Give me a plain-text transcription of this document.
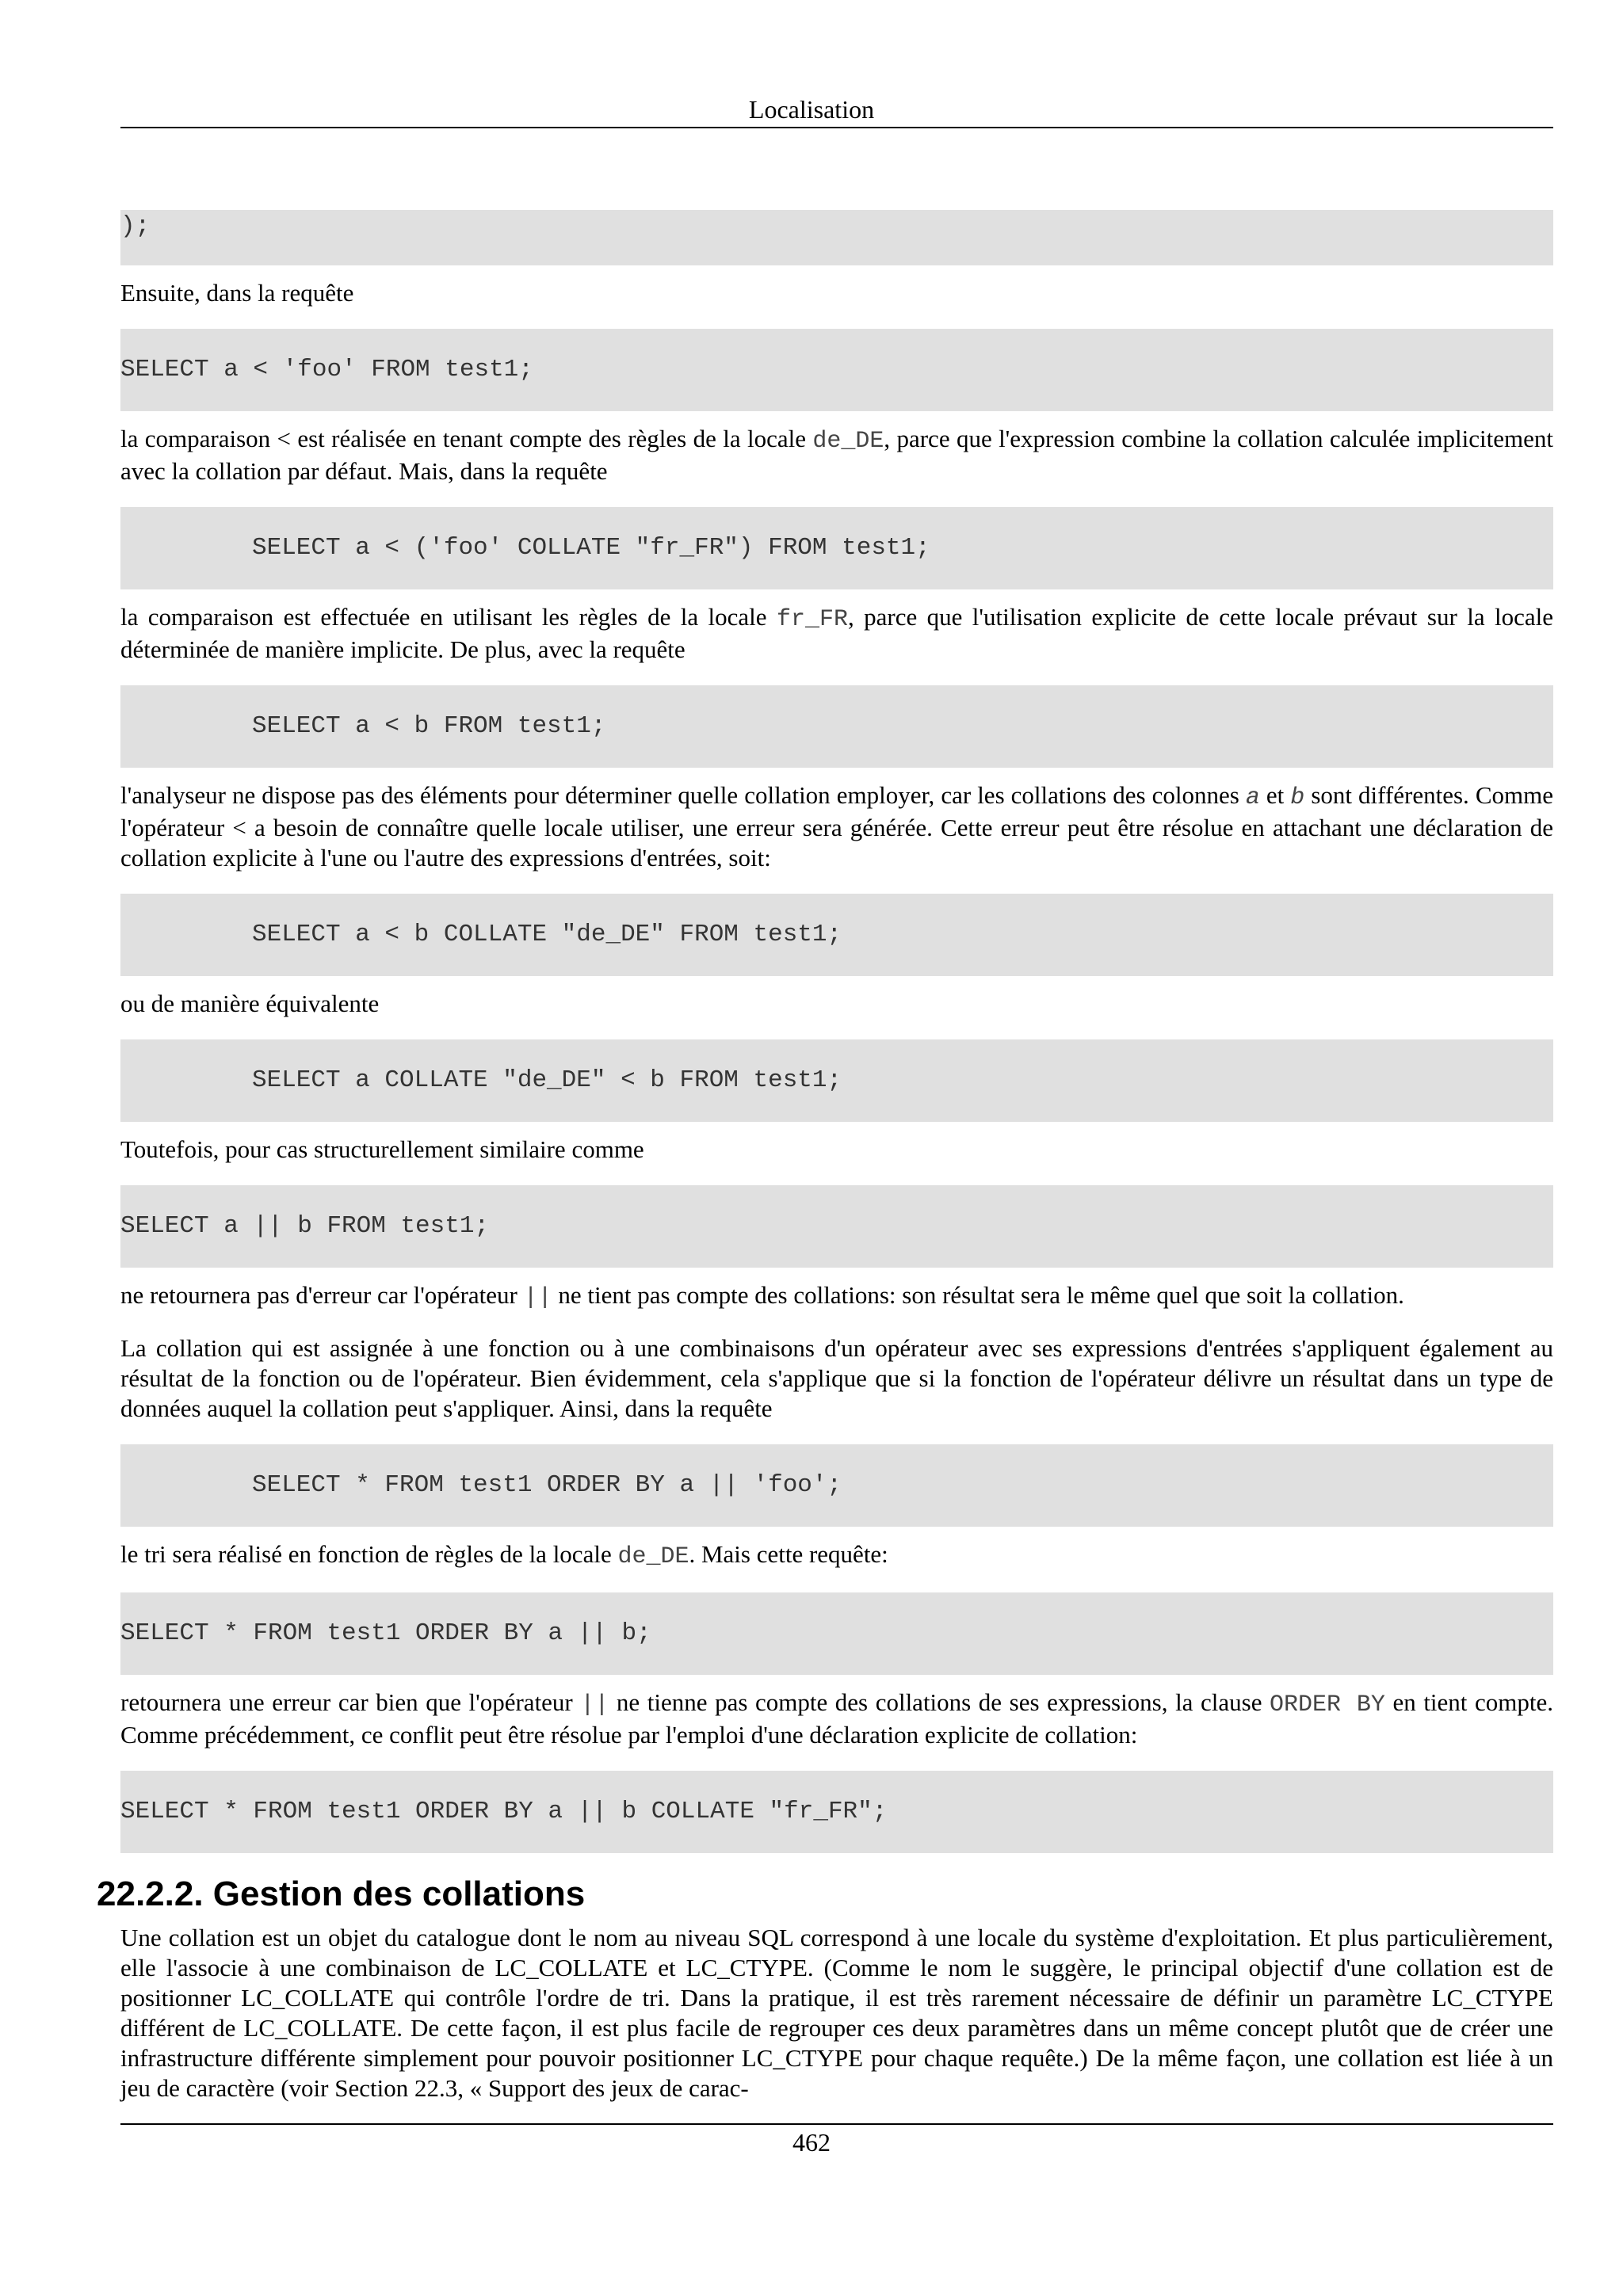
Localisation
);
Ensuite, dans la requête
SELECT a < 'foo' FROM test1;
la comparaison < est réalisée en tenant compte des règles de la locale de_DE, parce que l'expression combine la collation calculée implicitement avec la collation par défaut. Mais, dans la requête
SELECT a < ('foo' COLLATE "fr_FR") FROM test1;
la comparaison est effectuée en utilisant les règles de la locale fr_FR, parce que l'utilisation explicite de cette locale prévaut sur la locale déterminée de manière implicite. De plus, avec la requête
SELECT a < b FROM test1;
l'analyseur ne dispose pas des éléments pour déterminer quelle collation employer, car les collations des colonnes a et b sont différentes. Comme l'opérateur < a besoin de connaître quelle locale utiliser, une erreur sera générée. Cette erreur peut être résolue en attachant une déclaration de collation explicite à l'une ou l'autre des expressions d'entrées, soit:
SELECT a < b COLLATE "de_DE" FROM test1;
ou de manière équivalente
SELECT a COLLATE "de_DE" < b FROM test1;
Toutefois, pour cas structurellement similaire comme
SELECT a || b FROM test1;
ne retournera pas d'erreur car l'opérateur || ne tient pas compte des collations: son résultat sera le même quel que soit la collation.
La collation qui est assignée à une fonction ou à une combinaisons d'un opérateur avec ses expressions d'entrées s'appliquent également au résultat de la fonction ou de l'opérateur. Bien évidemment, cela s'applique que si la fonction de l'opérateur délivre un résultat dans un type de données auquel la collation peut s'appliquer. Ainsi, dans la requête
SELECT * FROM test1 ORDER BY a || 'foo';
le tri sera réalisé en fonction de règles de la locale de_DE. Mais cette requête:
SELECT * FROM test1 ORDER BY a || b;
retournera une erreur car bien que l'opérateur || ne tienne pas compte des collations de ses expressions, la clause ORDER BY en tient compte. Comme précédemment, ce conflit peut être résolue par l'emploi d'une déclaration explicite de collation:
SELECT * FROM test1 ORDER BY a || b COLLATE "fr_FR";
22.2.2. Gestion des collations
Une collation est un objet du catalogue dont le nom au niveau SQL correspond à une locale du système d'exploitation. Et plus particulièrement, elle l'associe à une combinaison de LC_COLLATE et LC_CTYPE. (Comme le nom le suggère, le principal objectif d'une collation est de positionner LC_COLLATE qui contrôle l'ordre de tri. Dans la pratique, il est très rarement nécessaire de définir un paramètre LC_CTYPE différent de LC_COLLATE. De cette façon, il est plus facile de regrouper ces deux paramètres dans un même concept plutôt que de créer une infrastructure différente simplement pour pouvoir positionner LC_CTYPE pour chaque requête.) De la même façon, une collation est liée à un jeu de caractère (voir Section 22.3, « Support des jeux de carac-
462
